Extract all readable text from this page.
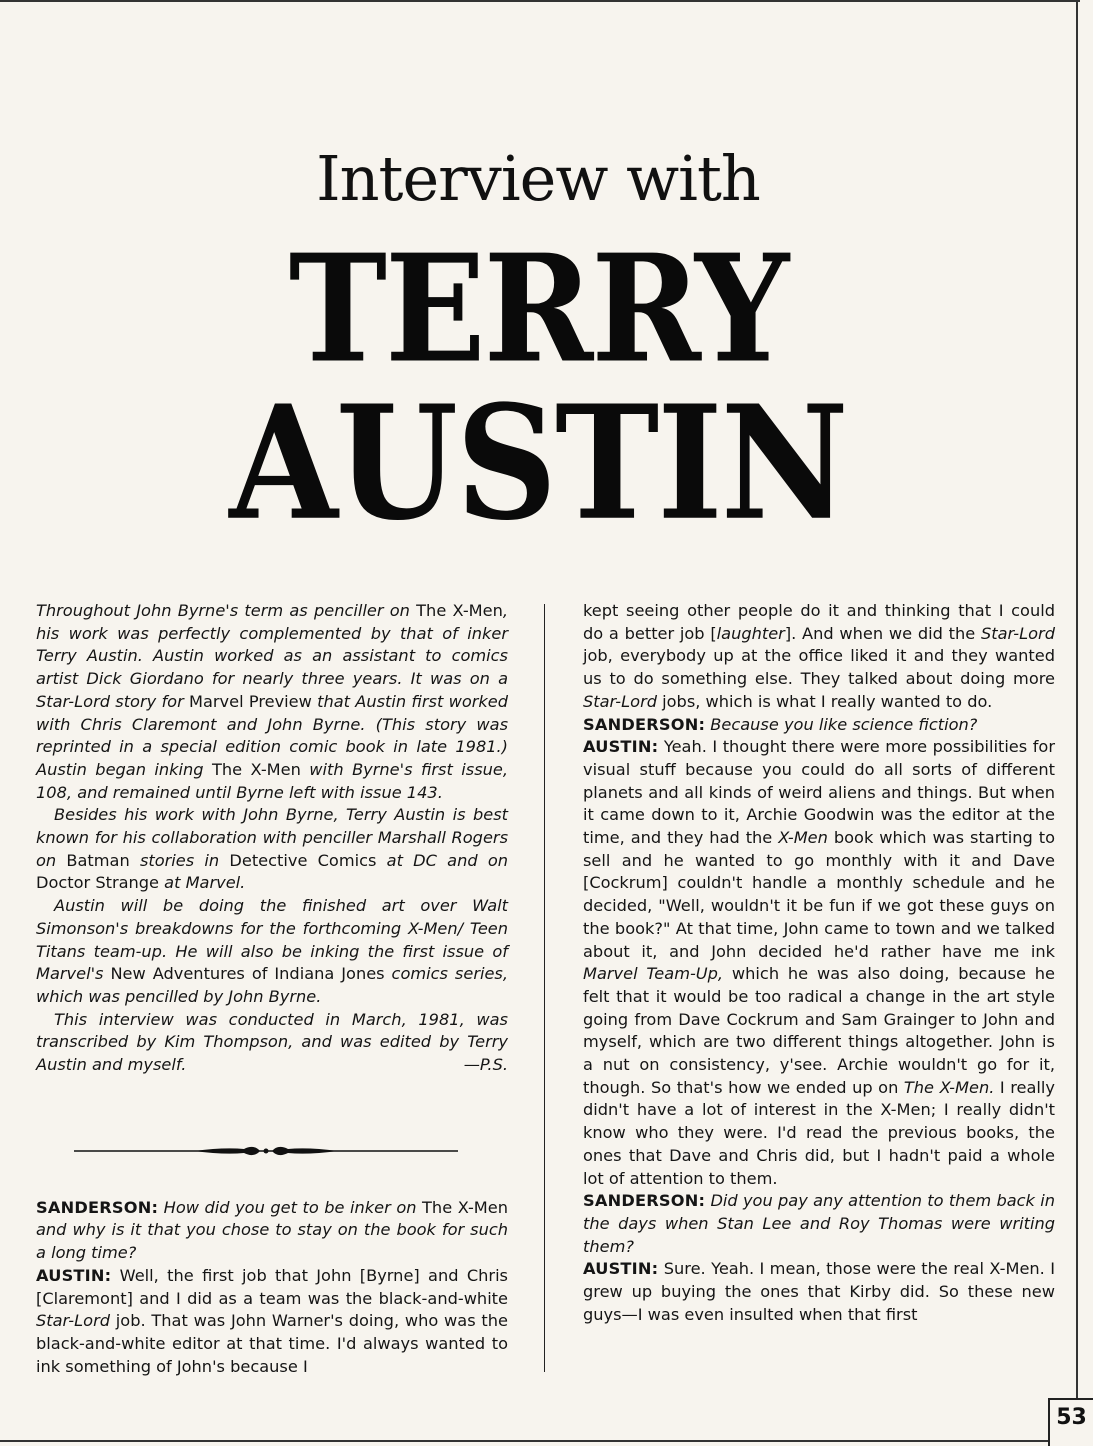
Interview with
TERRY
AUSTIN

Throughout John Byrne's term as penciller on The X-Men, his work was perfectly complemented by that of inker Terry Austin. Austin worked as an assistant to comics artist Dick Giordano for nearly three years. It was on a Star-Lord story for Marvel Preview that Austin first worked with Chris Claremont and John Byrne. (This story was reprinted in a special edition comic book in late 1981.) Austin began inking The X-Men with Byrne's first issue, 108, and remained until Byrne left with issue 143.

Besides his work with John Byrne, Terry Austin is best known for his collaboration with penciller Marshall Rogers on Batman stories in Detective Comics at DC and on Doctor Strange at Marvel.

Austin will be doing the finished art over Walt Simonson's breakdowns for the forthcoming X-Men/ Teen Titans team-up. He will also be inking the first issue of Marvel's New Adventures of Indiana Jones comics series, which was pencilled by John Byrne.

This interview was conducted in March, 1981, was transcribed by Kim Thompson, and was edited by Terry Austin and myself.	—P.S.

SANDERSON: How did you get to be inker on The X-Men and why is it that you chose to stay on the book for such a long time?

AUSTIN: Well, the first job that John [Byrne] and Chris [Claremont] and I did as a team was the black-and-white Star-Lord job. That was John Warner's doing, who was the black-and-white editor at that time. I'd always wanted to ink something of John's because I

kept seeing other people do it and thinking that I could do a better job [laughter]. And when we did the Star-Lord job, everybody up at the office liked it and they wanted us to do something else. They talked about doing more Star-Lord jobs, which is what I really wanted to do.

SANDERSON: Because you like science fiction?

AUSTIN: Yeah. I thought there were more possibilities for visual stuff because you could do all sorts of different planets and all kinds of weird aliens and things. But when it came down to it, Archie Goodwin was the editor at the time, and they had the X-Men book which was starting to sell and he wanted to go monthly with it and Dave [Cockrum] couldn't handle a monthly schedule and he decided, "Well, wouldn't it be fun if we got these guys on the book?" At that time, John came to town and we talked about it, and John decided he'd rather have me ink Marvel Team-Up, which he was also doing, because he felt that it would be too radical a change in the art style going from Dave Cockrum and Sam Grainger to John and myself, which are two different things altogether. John is a nut on consistency, y'see. Archie wouldn't go for it, though. So that's how we ended up on The X-Men. I really didn't have a lot of interest in the X-Men; I really didn't know who they were. I'd read the previous books, the ones that Dave and Chris did, but I hadn't paid a whole lot of attention to them.

SANDERSON: Did you pay any attention to them back in the days when Stan Lee and Roy Thomas were writing them?

AUSTIN: Sure. Yeah. I mean, those were the real X-Men. I grew up buying the ones that Kirby did. So these new guys—I was even insulted when that first

53
